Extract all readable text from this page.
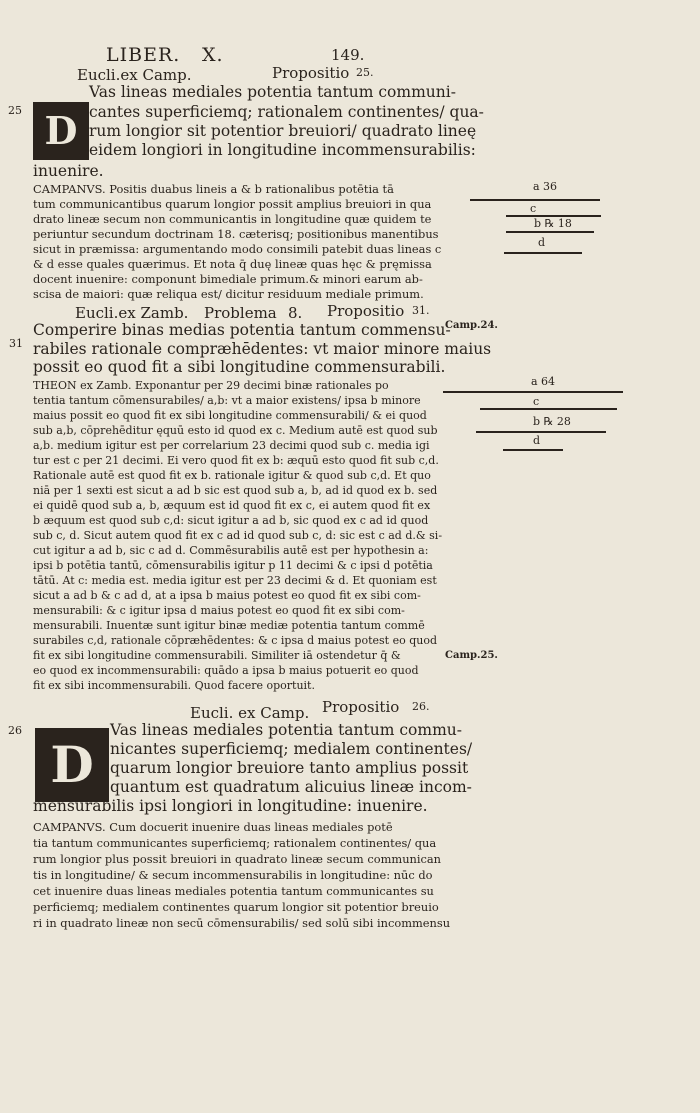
LIBER. X.	149.
Eucli.ex Camp.	Propositio 25.
25 D
Vas lineas mediales potentia tantum communi-
cantes superficiemq; rationalem continentes/ qua-
rum longior sit potentior breuiori/ quadrato lineę
eidem longiori in longitudine incommensurabilis:
inuenire.
CAMPANVS. Positis duabus lineis a & b rationalibus potētia tā
tum communicantibus quarum longior possit amplius breuiori in qua
drato lineæ secum non communicantis in longitudine quæ quidem te
periuntur secundum doctrinam 18. cæterisq; positionibus manentibus
sicut in præmissa: argumentando modo consimili patebit duas lineas c
& d esse quales quærimus. Et nota q̄ duę lineæ quas hęc & pręmissa
docent inuenire: componunt bimediale primum.& minori earum ab-
scisa de maiori: quæ reliqua est/ dicitur residuum mediale primum.
Eucli.ex Zamb. Problema 8. Propositio 31.
31
Comperire binas medias potentia tantum commensu-
rabiles rationale compræhēdentes: vt maior minore maius
possit eo quod fit a sibi longitudine commensurabili.
THEON ex Zamb. Exponantur per 29 decimi binæ rationales po
tentia tantum cōmensurabiles/ a,b: vt a maior existens/ ipsa b minore
maius possit eo quod fit ex sibi longitudine commensurabili/ & ei quod
sub a,b, cōprehēditur ęquū esto id quod ex c. Medium autē est quod sub
a,b. medium igitur est per correlarium 23 decimi quod sub c. media igi
tur est c per 21 decimi. Ei vero quod fit ex b: æquū esto quod fit sub c,d.
Rationale autē est quod fit ex b. rationale igitur & quod sub c,d. Et quo
niā per 1 sexti est sicut a ad b sic est quod sub a, b, ad id quod ex b. sed
ei quidē quod sub a, b, æquum est id quod fit ex c, ei autem quod fit ex
b æquum est quod sub c,d: sicut igitur a ad b, sic quod ex c ad id quod
sub c, d. Sicut autem quod fit ex c ad id quod sub c, d: sic est c ad d.& si-
cut igitur a ad b, sic c ad d. Commēsurabilis autē est per hypothesin a:
ipsi b potētia tantū, cōmensurabilis igitur p 11 decimi & c ipsi d potētia
tātū. At c: media est. media igitur est per 23 decimi & d. Et quoniam est
sicut a ad b & c ad d, at a ipsa b maius potest eo quod fit ex sibi com-
mensurabili: & c igitur ipsa d maius potest eo quod fit ex sibi com-
mensurabili. Inuentæ sunt igitur binæ mediæ potentia tantum commē
surabiles c,d, rationale cōpræhēdentes: & c ipsa d maius potest eo quod
fit ex sibi longitudine commensurabili. Similiter iā ostendetur q̄ &
eo quod ex incommensurabili: quādo a ipsa b maius potuerit eo quod
fit ex sibi incommensurabili. Quod facere oportuit.
Eucli. ex Camp. Propositio 26.
26
D
Vas lineas mediales potentia tantum commu-
nicantes superficiemq; medialem continentes/
quarum longior breuiore tanto amplius possit
quantum est quadratum alicuius lineæ incom-
mensurabilis ipsi longiori in longitudine: inuenire.
CAMPANVS. Cum docuerit inuenire duas lineas mediales potē
tia tantum communicantes superficiemq; rationalem continentes/ qua
rum longior plus possit breuiori in quadrato lineæ secum communican
tis in longitudine/ & secum incommensurabilis in longitudine: nūc do
cet inuenire duas lineas mediales potentia tantum communicantes su
perficiemq; medialem continentes quarum longior sit potentior breuio
ri in quadrato lineæ non secū cōmensurabilis/ sed solū sibi incommensu
Camp.24.
Camp.25.
a 36
c
b ℞ 18
d
a 64
c
b ℞ 28
d
